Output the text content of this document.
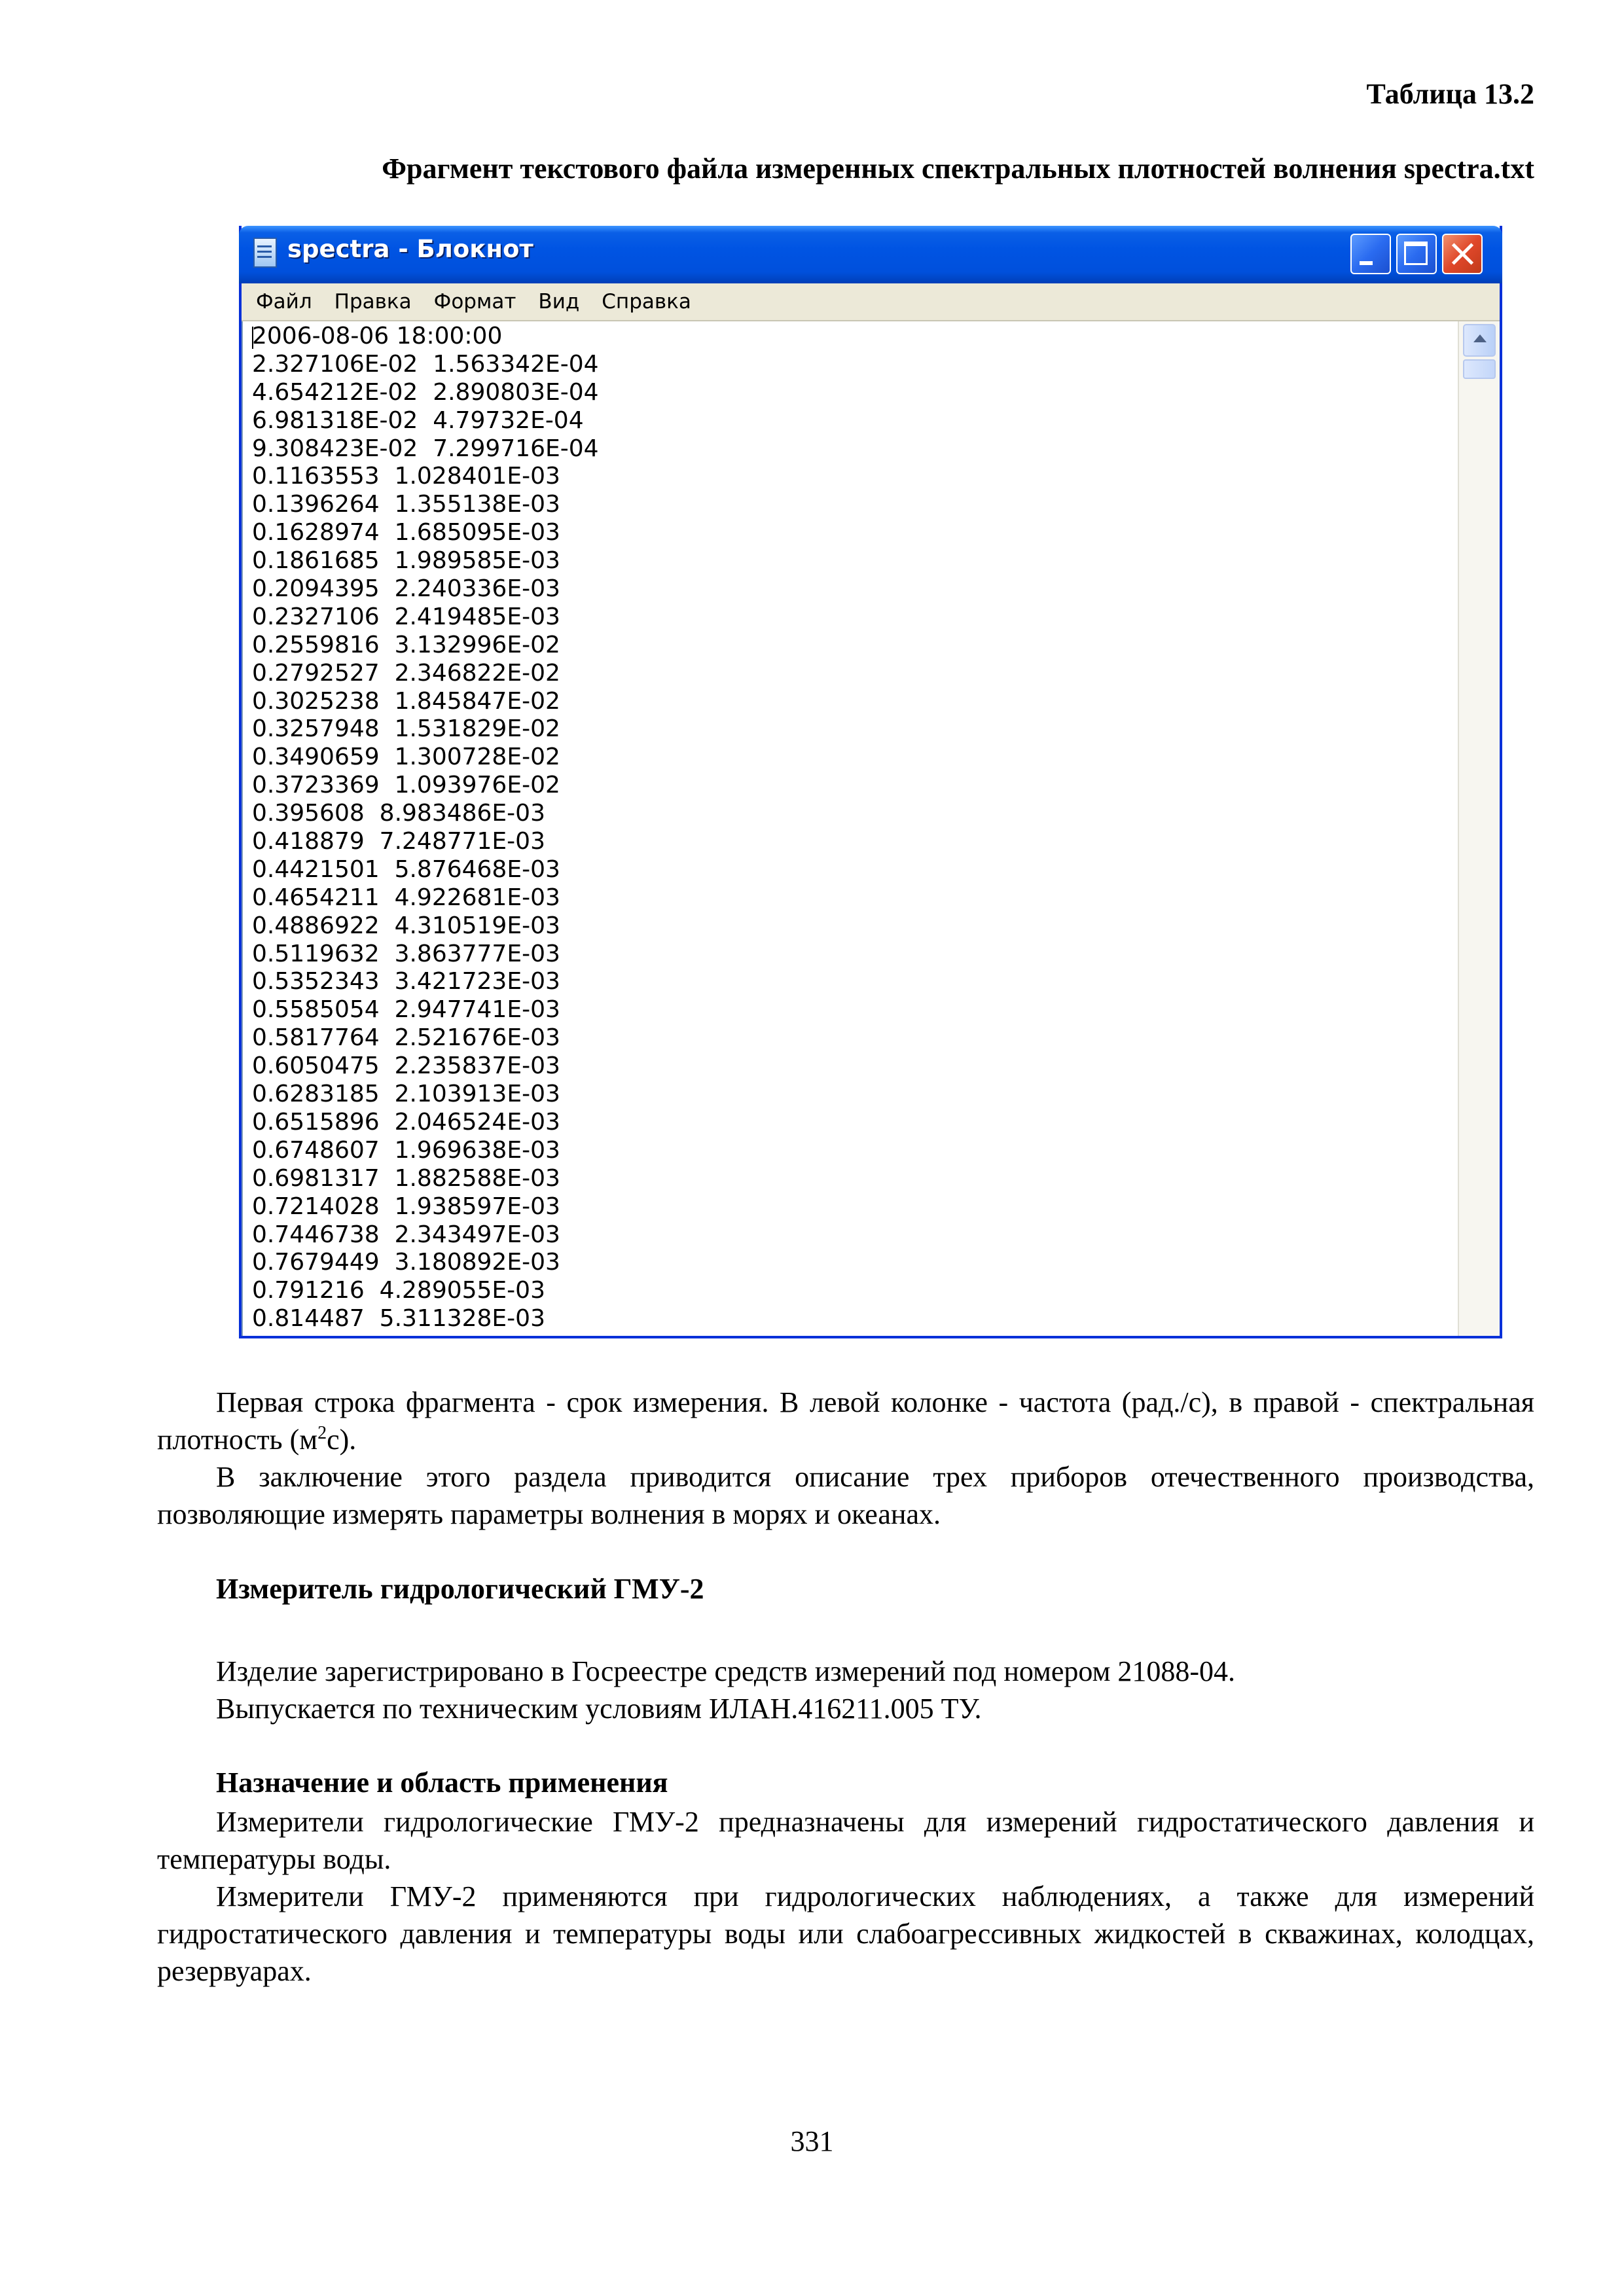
Таблица 13.2
Фрагмент текстового файла измеренных спектральных плотностей волнения spectra.txt
spectra - Блокнот
Файл Правка Формат Вид Справка
2006-08-06 18:00:00
2.327106E-02  1.563342E-04
4.654212E-02  2.890803E-04
6.981318E-02  4.79732E-04
9.308423E-02  7.299716E-04
0.1163553  1.028401E-03
0.1396264  1.355138E-03
0.1628974  1.685095E-03
0.1861685  1.989585E-03
0.2094395  2.240336E-03
0.2327106  2.419485E-03
0.2559816  3.132996E-02
0.2792527  2.346822E-02
0.3025238  1.845847E-02
0.3257948  1.531829E-02
0.3490659  1.300728E-02
0.3723369  1.093976E-02
0.395608  8.983486E-03
0.418879  7.248771E-03
0.4421501  5.876468E-03
0.4654211  4.922681E-03
0.4886922  4.310519E-03
0.5119632  3.863777E-03
0.5352343  3.421723E-03
0.5585054  2.947741E-03
0.5817764  2.521676E-03
0.6050475  2.235837E-03
0.6283185  2.103913E-03
0.6515896  2.046524E-03
0.6748607  1.969638E-03
0.6981317  1.882588E-03
0.7214028  1.938597E-03
0.7446738  2.343497E-03
0.7679449  3.180892E-03
0.791216  4.289055E-03
0.814487  5.311328E-03
Первая строка фрагмента - срок измерения. В левой колонке - частота (рад./с), в правой - спектральная плотность $(м^2с)$.
В заключение этого раздела приводится описание трех приборов отечественного производства, позволяющие измерять параметры волнения в морях и океанах.
Измеритель гидрологический ГМУ-2
Изделие зарегистрировано в Госреестре средств измерений под номером 21088-04.
Выпускается по техническим условиям ИЛАН.416211.005 ТУ.
Назначение и область применения
Измерители гидрологические ГМУ-2 предназначены для измерений гидростатического давления и температуры воды.
Измерители ГМУ-2 применяются при гидрологических наблюдениях, а также для измерений гидростатического давления и температуры воды или слабоагрессивных жидкостей в скважинах, колодцах, резервуарах.
331
